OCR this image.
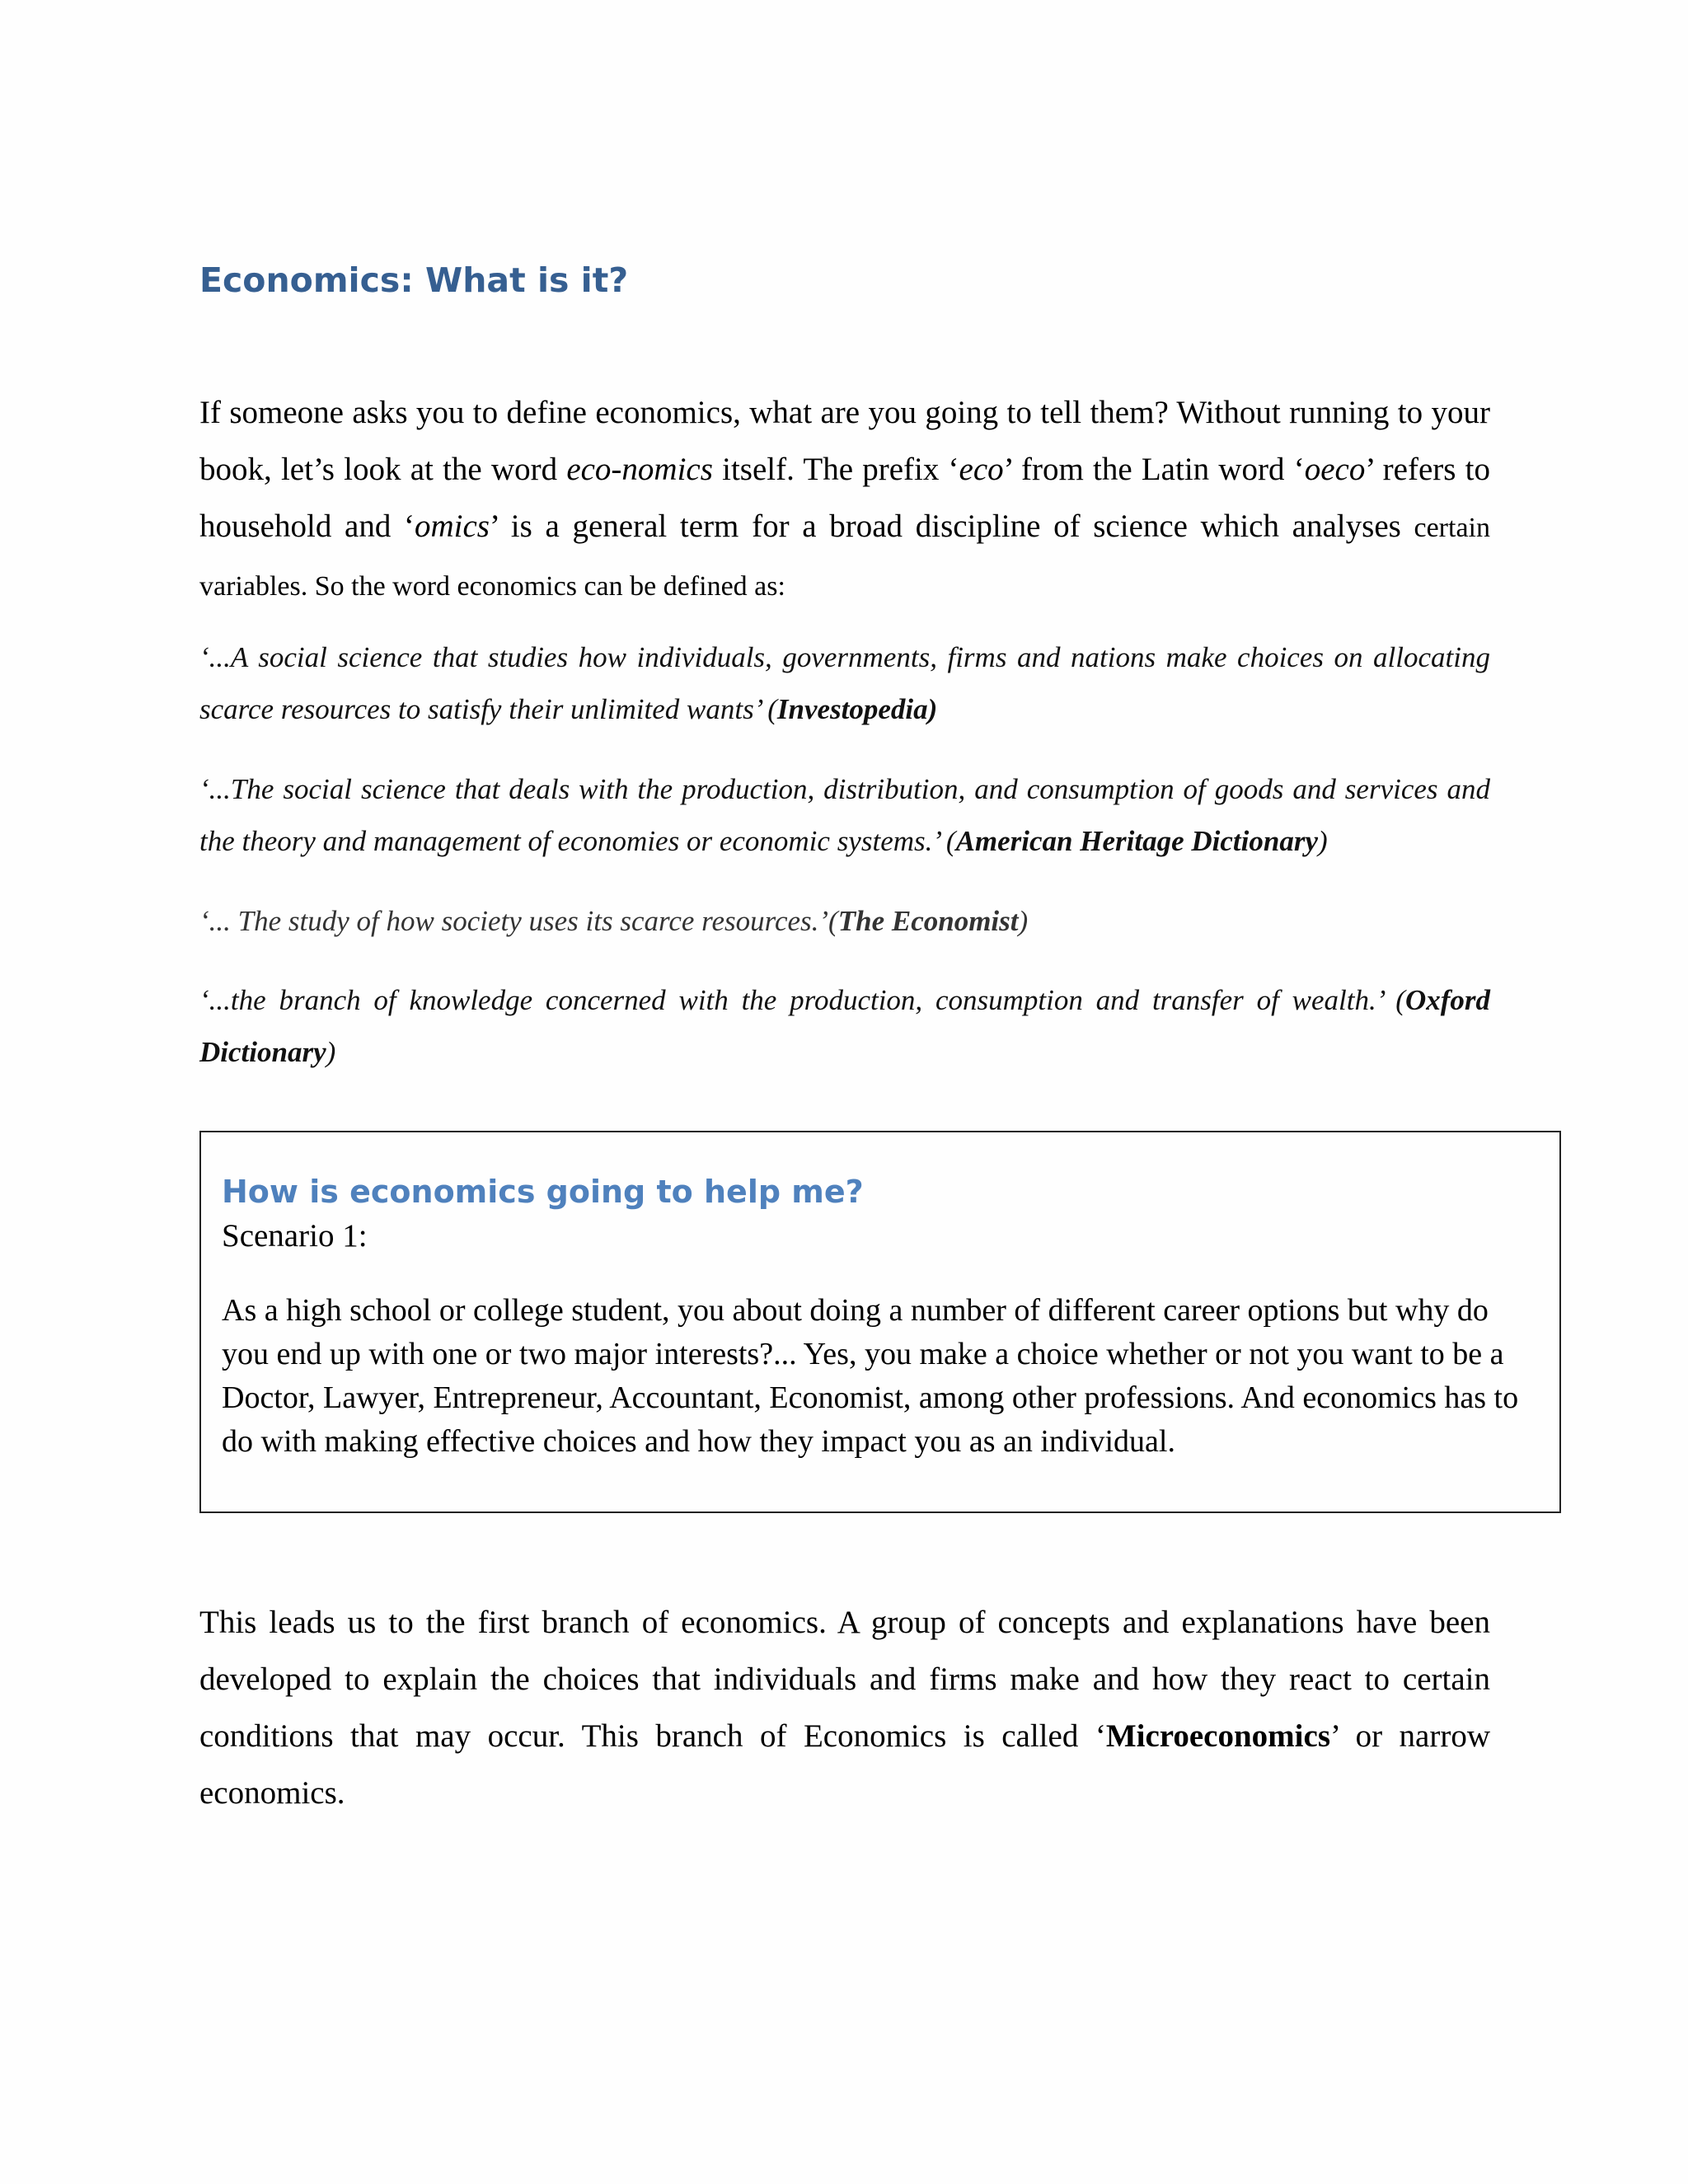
Economics: What is it?

If someone asks you to define economics, what are you going to tell them? Without running to your book, let’s look at the word eco-nomics itself. The prefix ‘eco’ from the Latin word ‘oeco’ refers to household and ‘omics’ is a general term for a broad discipline of science which analyses certain variables. So the word economics can be defined as:

‘...A social science that studies how individuals, governments, firms and nations make choices on allocating scarce resources to satisfy their unlimited wants’ (Investopedia)

‘...The social science that deals with the production, distribution, and consumption of goods and services and the theory and management of economies or economic systems.’ (American Heritage Dictionary)

‘... The study of how society uses its scarce resources.’(The Economist)

‘...the branch of knowledge concerned with the production, consumption and transfer of wealth.’ (Oxford Dictionary)

How is economics going to help me?

Scenario 1:

As a high school or college student, you about doing a number of different career options but why do you end up with one or two major interests?... Yes, you make a choice whether or not you want to be a Doctor, Lawyer, Entrepreneur, Accountant, Economist, among other professions. And economics has to do with making effective choices and how they impact you as an individual.

This leads us to the first branch of economics. A group of concepts and explanations have been developed to explain the choices that individuals and firms make and how they react to certain conditions that may occur. This branch of Economics is called ‘Microeconomics’ or narrow economics.
